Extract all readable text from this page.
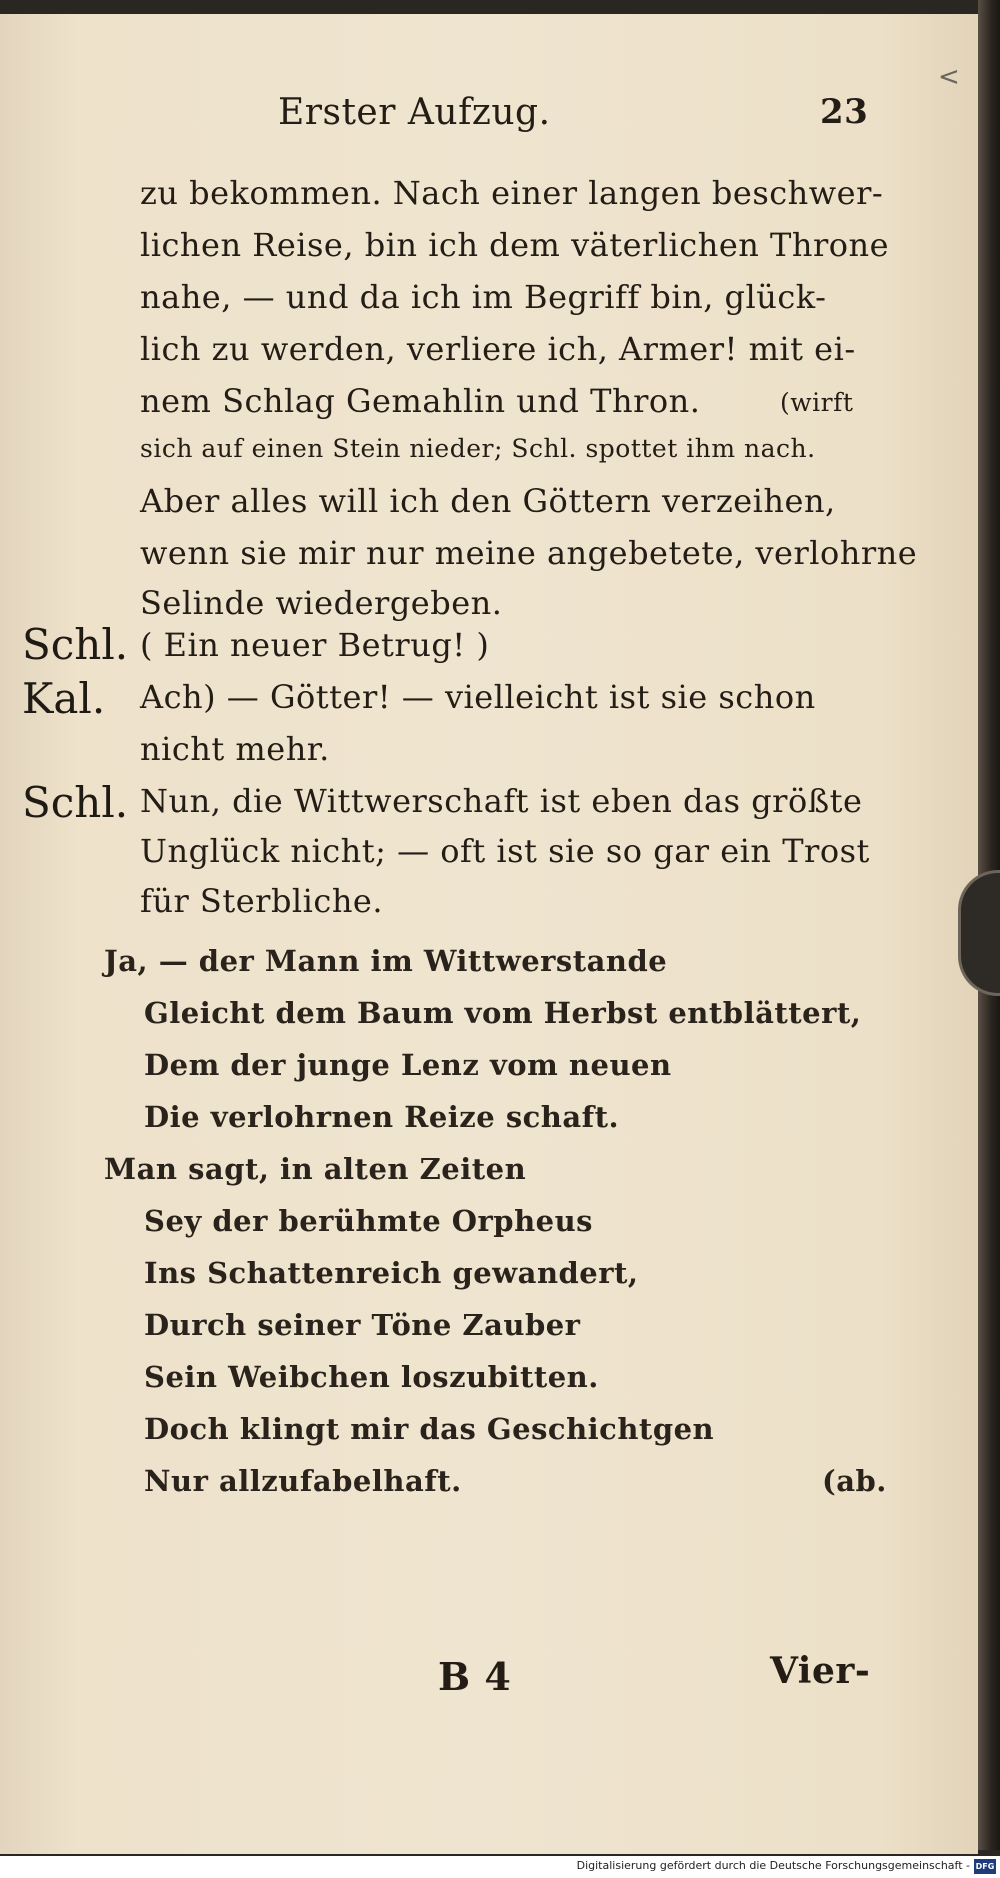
Erster Aufzug.	23
zu bekommen. Nach einer langen beschwer-
lichen Reise, bin ich dem väterlichen Throne
nahe, — und da ich im Begriff bin, glück-
lich zu werden, verliere ich, Armer! mit ei-
nem Schlag Gemahlin und Thron.	(wirft
sich auf einen Stein nieder; Schl. spottet ihm nach.
Aber alles will ich den Göttern verzeihen,
wenn sie mir nur meine angebetete, verlohrne
Selinde wiedergeben.
Schl. ( Ein neuer Betrug! )
Kal. Ach) — Götter! — vielleicht ist sie schon
nicht mehr.
Schl. Nun, die Wittwerschaft ist eben das größte
Unglück nicht; — oft ist sie so gar ein Trost
für Sterbliche.
Ja, — der Mann im Wittwerstande
Gleicht dem Baum vom Herbst entblättert,
Dem der junge Lenz vom neuen
Die verlohrnen Reize schaft.
Man sagt, in alten Zeiten
Sey der berühmte Orpheus
Ins Schattenreich gewandert,
Durch seiner Töne Zauber
Sein Weibchen loszubitten.
Doch klingt mir das Geschichtgen
Nur allzufabelhaft.	(ab.
B 4	Vier-
<
Digitalisierung gefördert durch die Deutsche Forschungsgemeinschaft - DFG
